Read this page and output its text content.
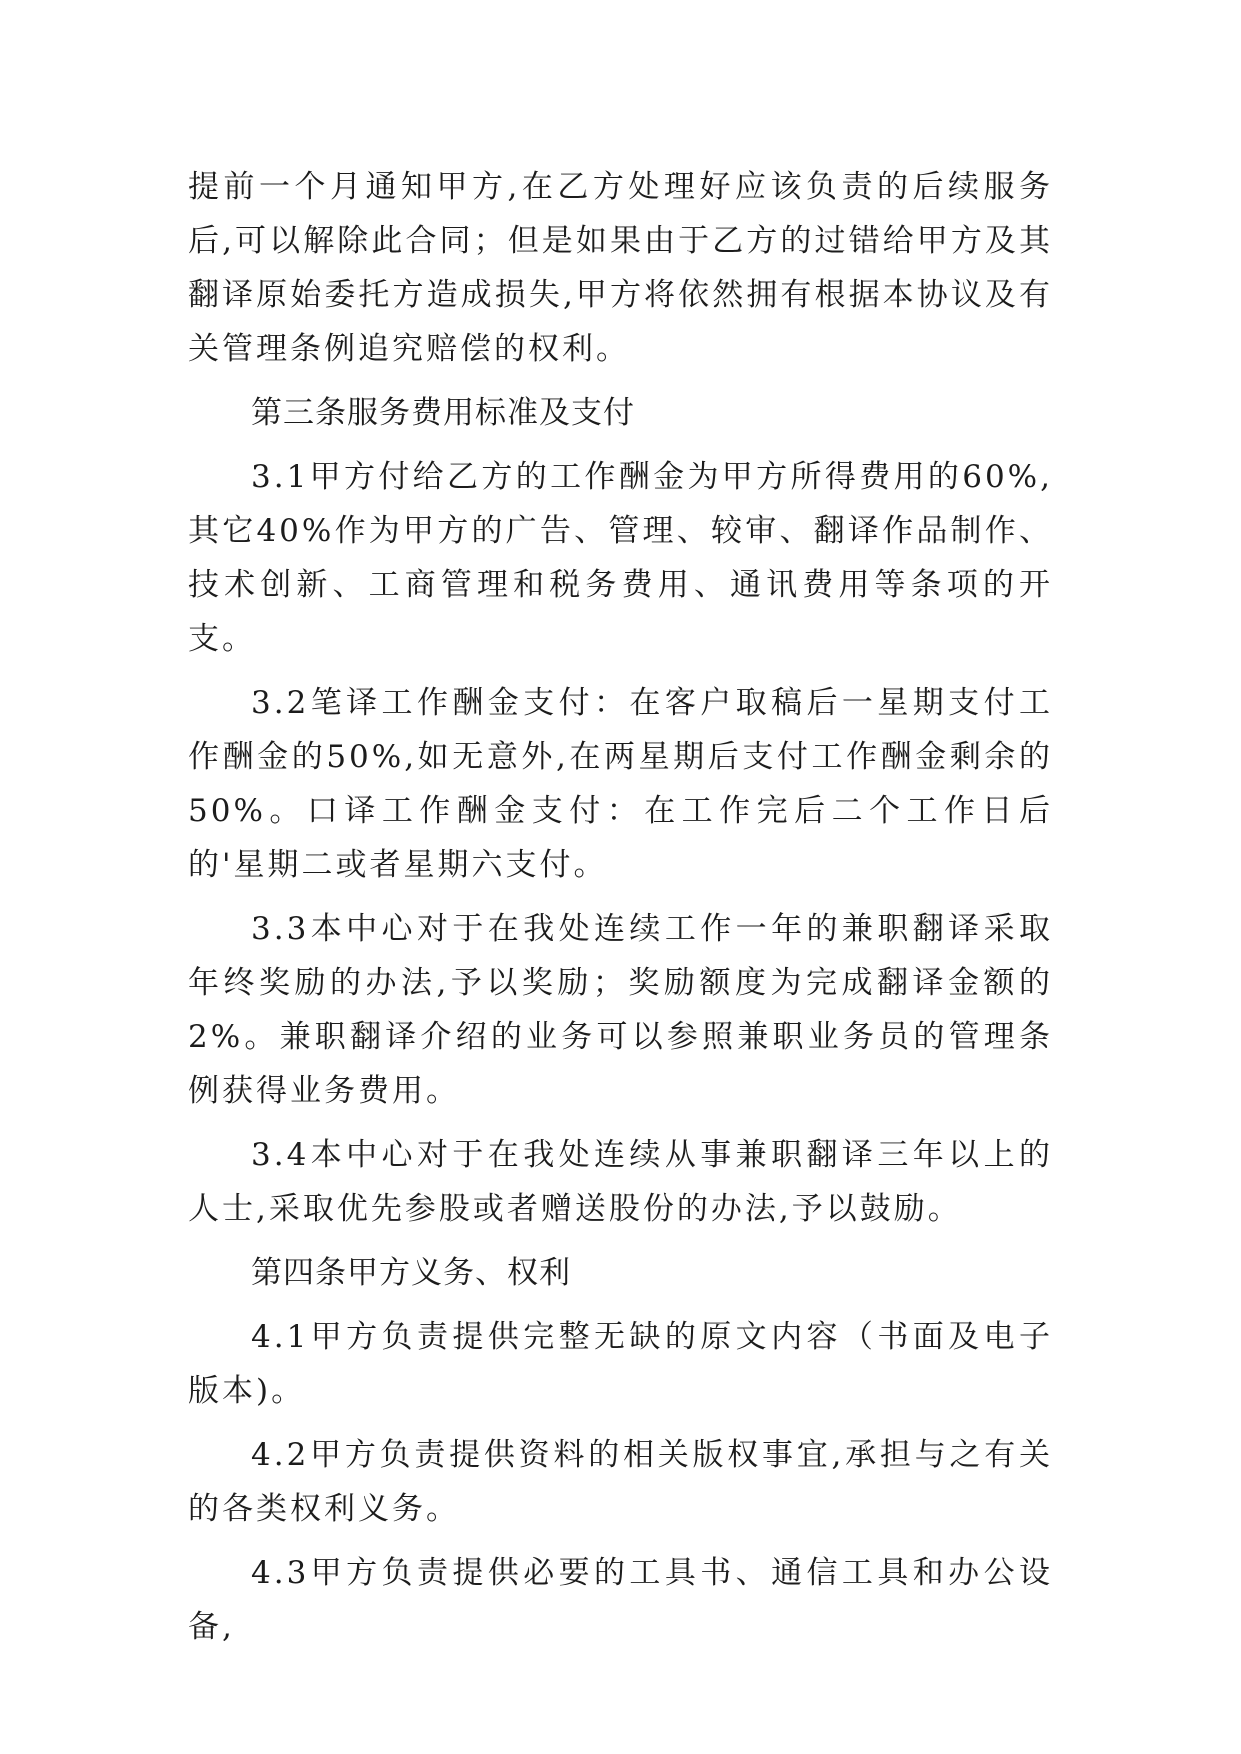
提前一个月通知甲方,在乙方处理好应该负责的后续服务后,可以解除此合同；但是如果由于乙方的过错给甲方及其翻译原始委托方造成损失,甲方将依然拥有根据本协议及有关管理条例追究赔偿的权利。

第三条服务费用标准及支付

3.1甲方付给乙方的工作酬金为甲方所得费用的60%,其它40%作为甲方的广告、管理、较审、翻译作品制作、技术创新、工商管理和税务费用、通讯费用等条项的开支。

3.2笔译工作酬金支付：在客户取稿后一星期支付工作酬金的50%,如无意外,在两星期后支付工作酬金剩余的50%。口译工作酬金支付：在工作完后二个工作日后的'星期二或者星期六支付。

3.3本中心对于在我处连续工作一年的兼职翻译采取年终奖励的办法,予以奖励；奖励额度为完成翻译金额的2%。兼职翻译介绍的业务可以参照兼职业务员的管理条例获得业务费用。

3.4本中心对于在我处连续从事兼职翻译三年以上的人士,采取优先参股或者赠送股份的办法,予以鼓励。

第四条甲方义务、权利

4.1甲方负责提供完整无缺的原文内容（书面及电子版本)。

4.2甲方负责提供资料的相关版权事宜,承担与之有关的各类权利义务。

4.3甲方负责提供必要的工具书、通信工具和办公设备,
